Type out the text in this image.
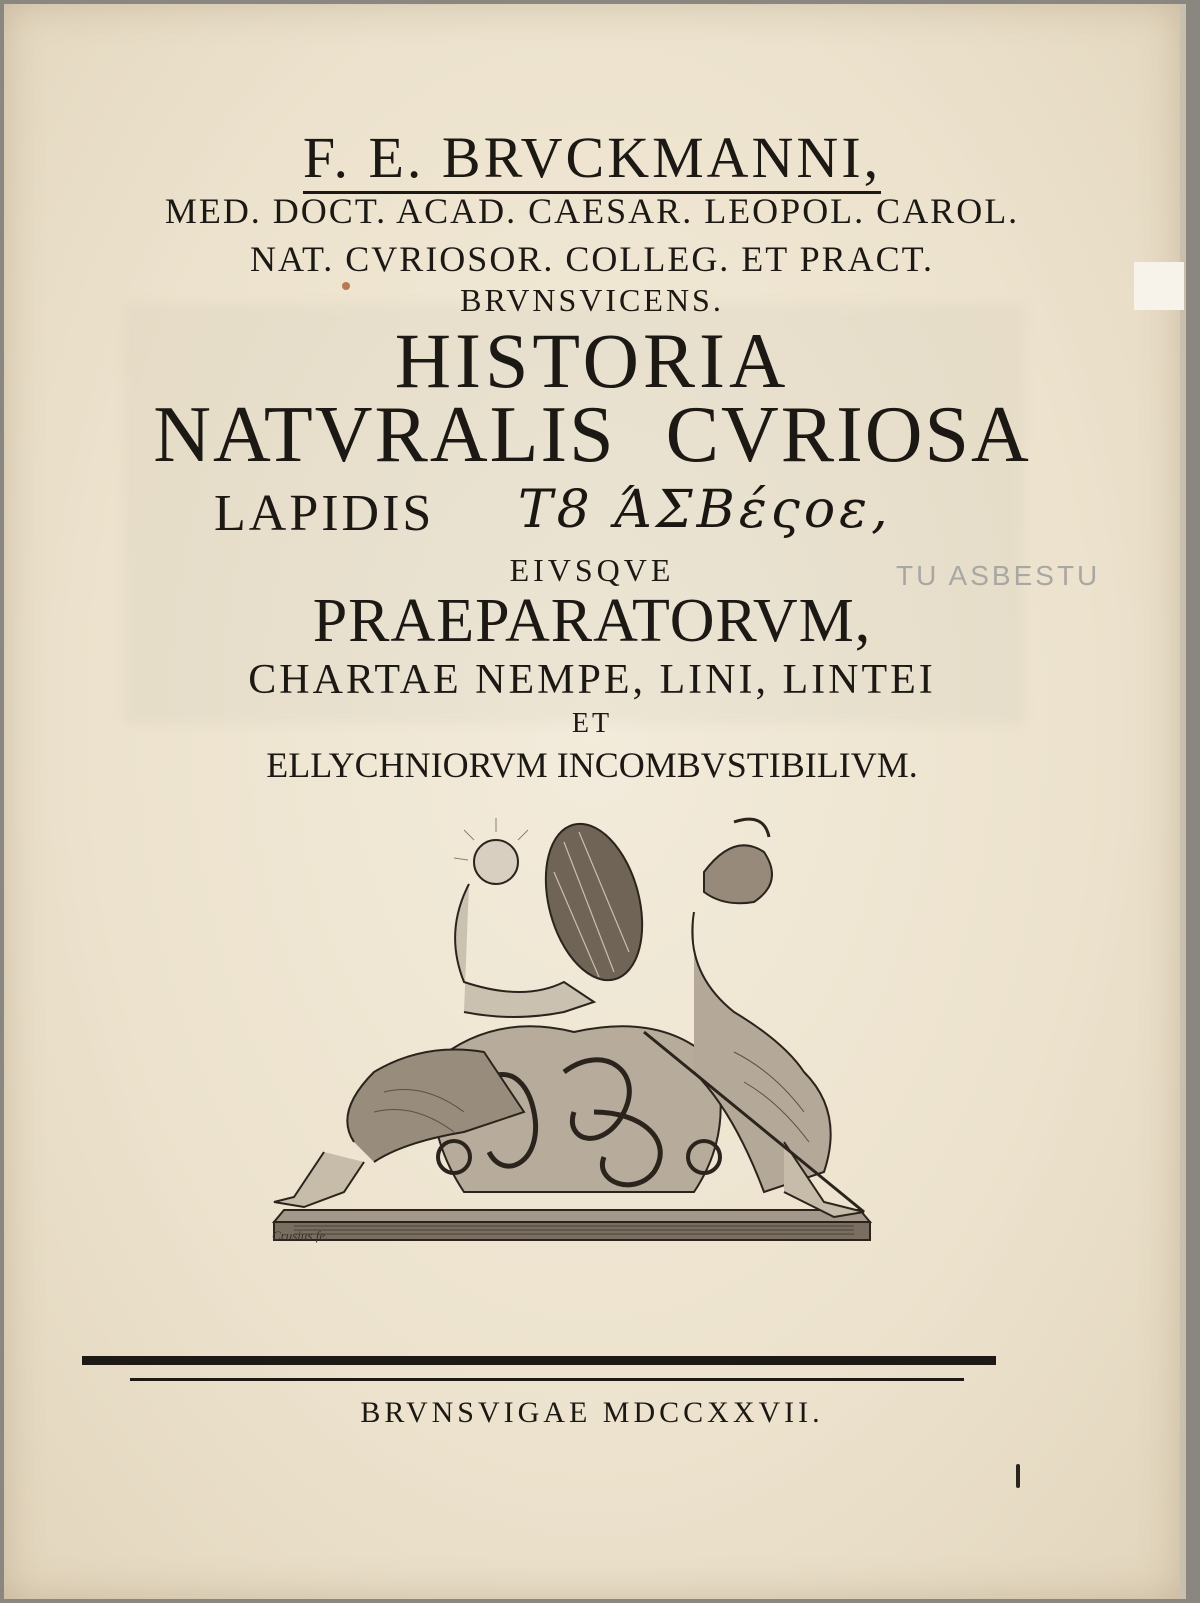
F. E. BRVCKMANNI,
MED. DOCT. ACAD. CAESAR. LEOPOL. CAROL.
NAT. CVRIOSOR. COLLEG. ET PRACT.
BRVNSVICENS.
HISTORIA
NATVRALIS CVRIOSA
LAPIDIS Τ8 ΆΣΒέςοε,
TU ASBESTU
EIVSQVE
PRAEPARATORVM,
CHARTAE NEMPE, LINI, LINTEI
ET
ELLYCHNIORVM INCOMBVSTIBILIVM.
Crusius fe.
BRVNSVIGAE MDCCXXVII.
